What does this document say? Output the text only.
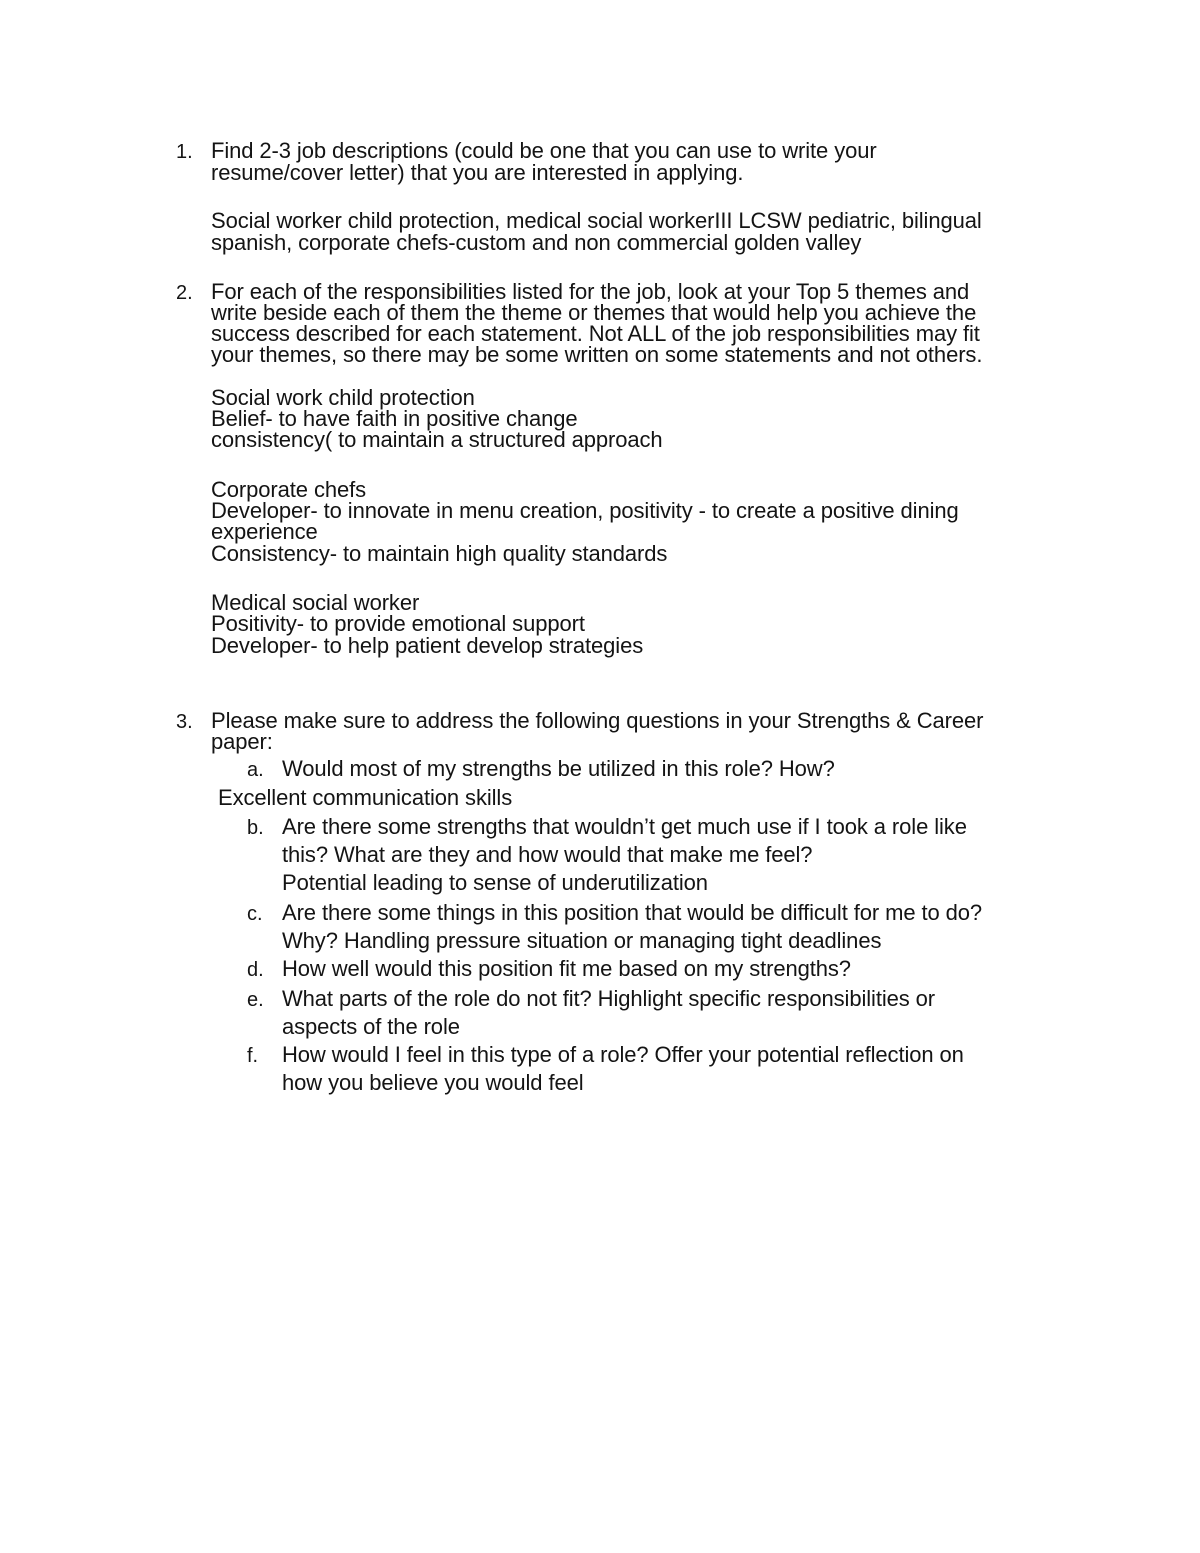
1. Find 2-3 job descriptions (could be one that you can use to write your
resume/cover letter) that you are interested in applying.
Social worker child protection, medical social workerIII LCSW pediatric, bilingual
spanish, corporate chefs-custom and non commercial golden valley
2. For each of the responsibilities listed for the job, look at your Top 5 themes and
write beside each of them the theme or themes that would help you achieve the
success described for each statement. Not ALL of the job responsibilities may fit
your themes, so there may be some written on some statements and not others.
Social work child protection
Belief- to have faith in positive change
consistency( to maintain a structured approach
Corporate chefs
Developer- to innovate in menu creation, positivity - to create a positive dining
experience
Consistency- to maintain high quality standards
Medical social worker
Positivity- to provide emotional support
Developer- to help patient develop strategies
3. Please make sure to address the following questions in your Strengths & Career
paper:
a. Would most of my strengths be utilized in this role? How?
Excellent communication skills
b. Are there some strengths that wouldn’t get much use if I took a role like
this? What are they and how would that make me feel?
Potential leading to sense of underutilization
c. Are there some things in this position that would be difficult for me to do?
Why? Handling pressure situation or managing tight deadlines
d. How well would this position fit me based on my strengths?
e. What parts of the role do not fit? Highlight specific responsibilities or
aspects of the role
f. How would I feel in this type of a role? Offer your potential reflection on
how you believe you would feel
